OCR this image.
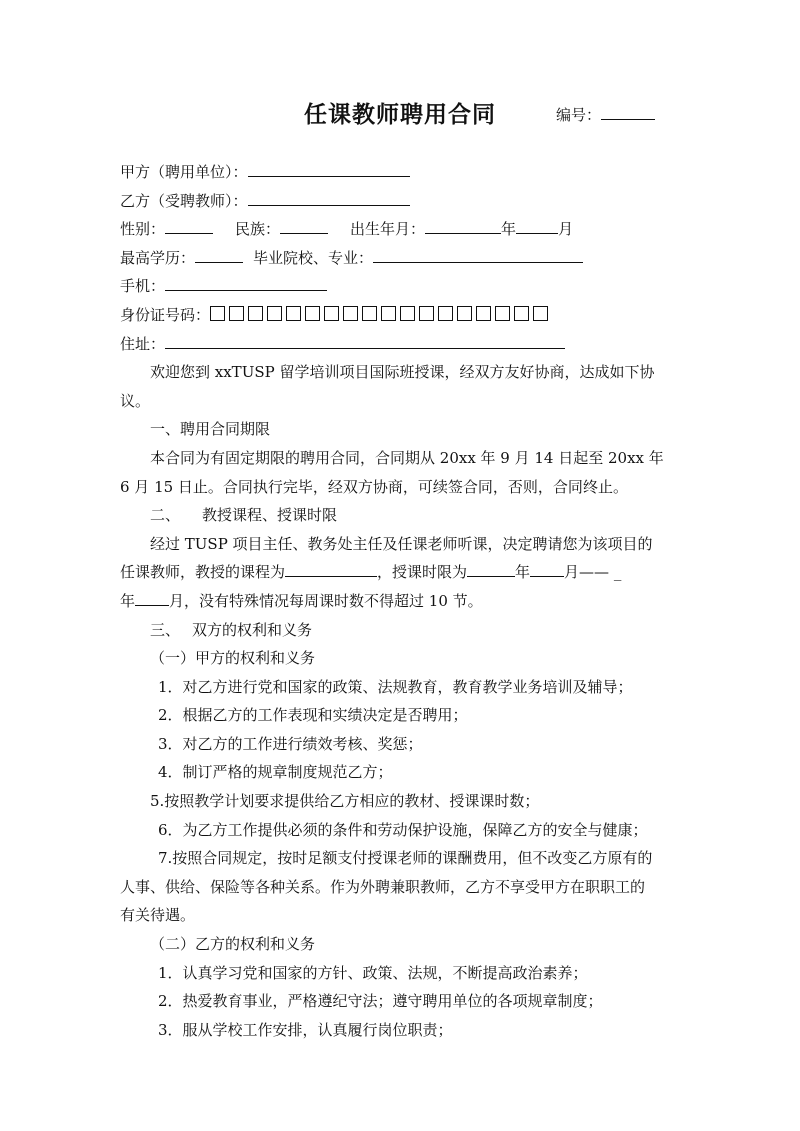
任课教师聘用合同	编号：
甲方（聘用单位）：
乙方（受聘教师）：
性别：	民族：	出生年月：	年	月
最高学历：	毕业院校、专业：
手机：
身份证号码：
住址：
欢迎您到 xxTUSP 留学培训项目国际班授课，经双方友好协商，达成如下协
议。
一、聘用合同期限
本合同为有固定期限的聘用合同，合同期从 20xx 年 9 月 14 日起至 20xx 年
6 月 15 日止。合同执行完毕，经双方协商，可续签合同，否则，合同终止。
二、 教授课程、授课时限
经过 TUSP 项目主任、教务处主任及任课老师听课，决定聘请您为该项目的
任课教师，教授的课程为	，授课时限为	年 月—— _
年 月，没有特殊情况每周课时数不得超过 10 节。
三、 双方的权利和义务
（一）甲方的权利和义务
1．对乙方进行党和国家的政策、法规教育，教育教学业务培训及辅导；
2．根据乙方的工作表现和实绩决定是否聘用；
3．对乙方的工作进行绩效考核、奖惩；
4．制订严格的规章制度规范乙方；
5.按照教学计划要求提供给乙方相应的教材、授课课时数；
6．为乙方工作提供必须的条件和劳动保护设施，保障乙方的安全与健康；
7.按照合同规定，按时足额支付授课老师的课酬费用，但不改变乙方原有的
人事、供给、保险等各种关系。作为外聘兼职教师，乙方不享受甲方在职职工的
有关待遇。
（二）乙方的权利和义务
1．认真学习党和国家的方针、政策、法规，不断提高政治素养；
2．热爱教育事业，严格遵纪守法；遵守聘用单位的各项规章制度；
3．服从学校工作安排，认真履行岗位职责；
